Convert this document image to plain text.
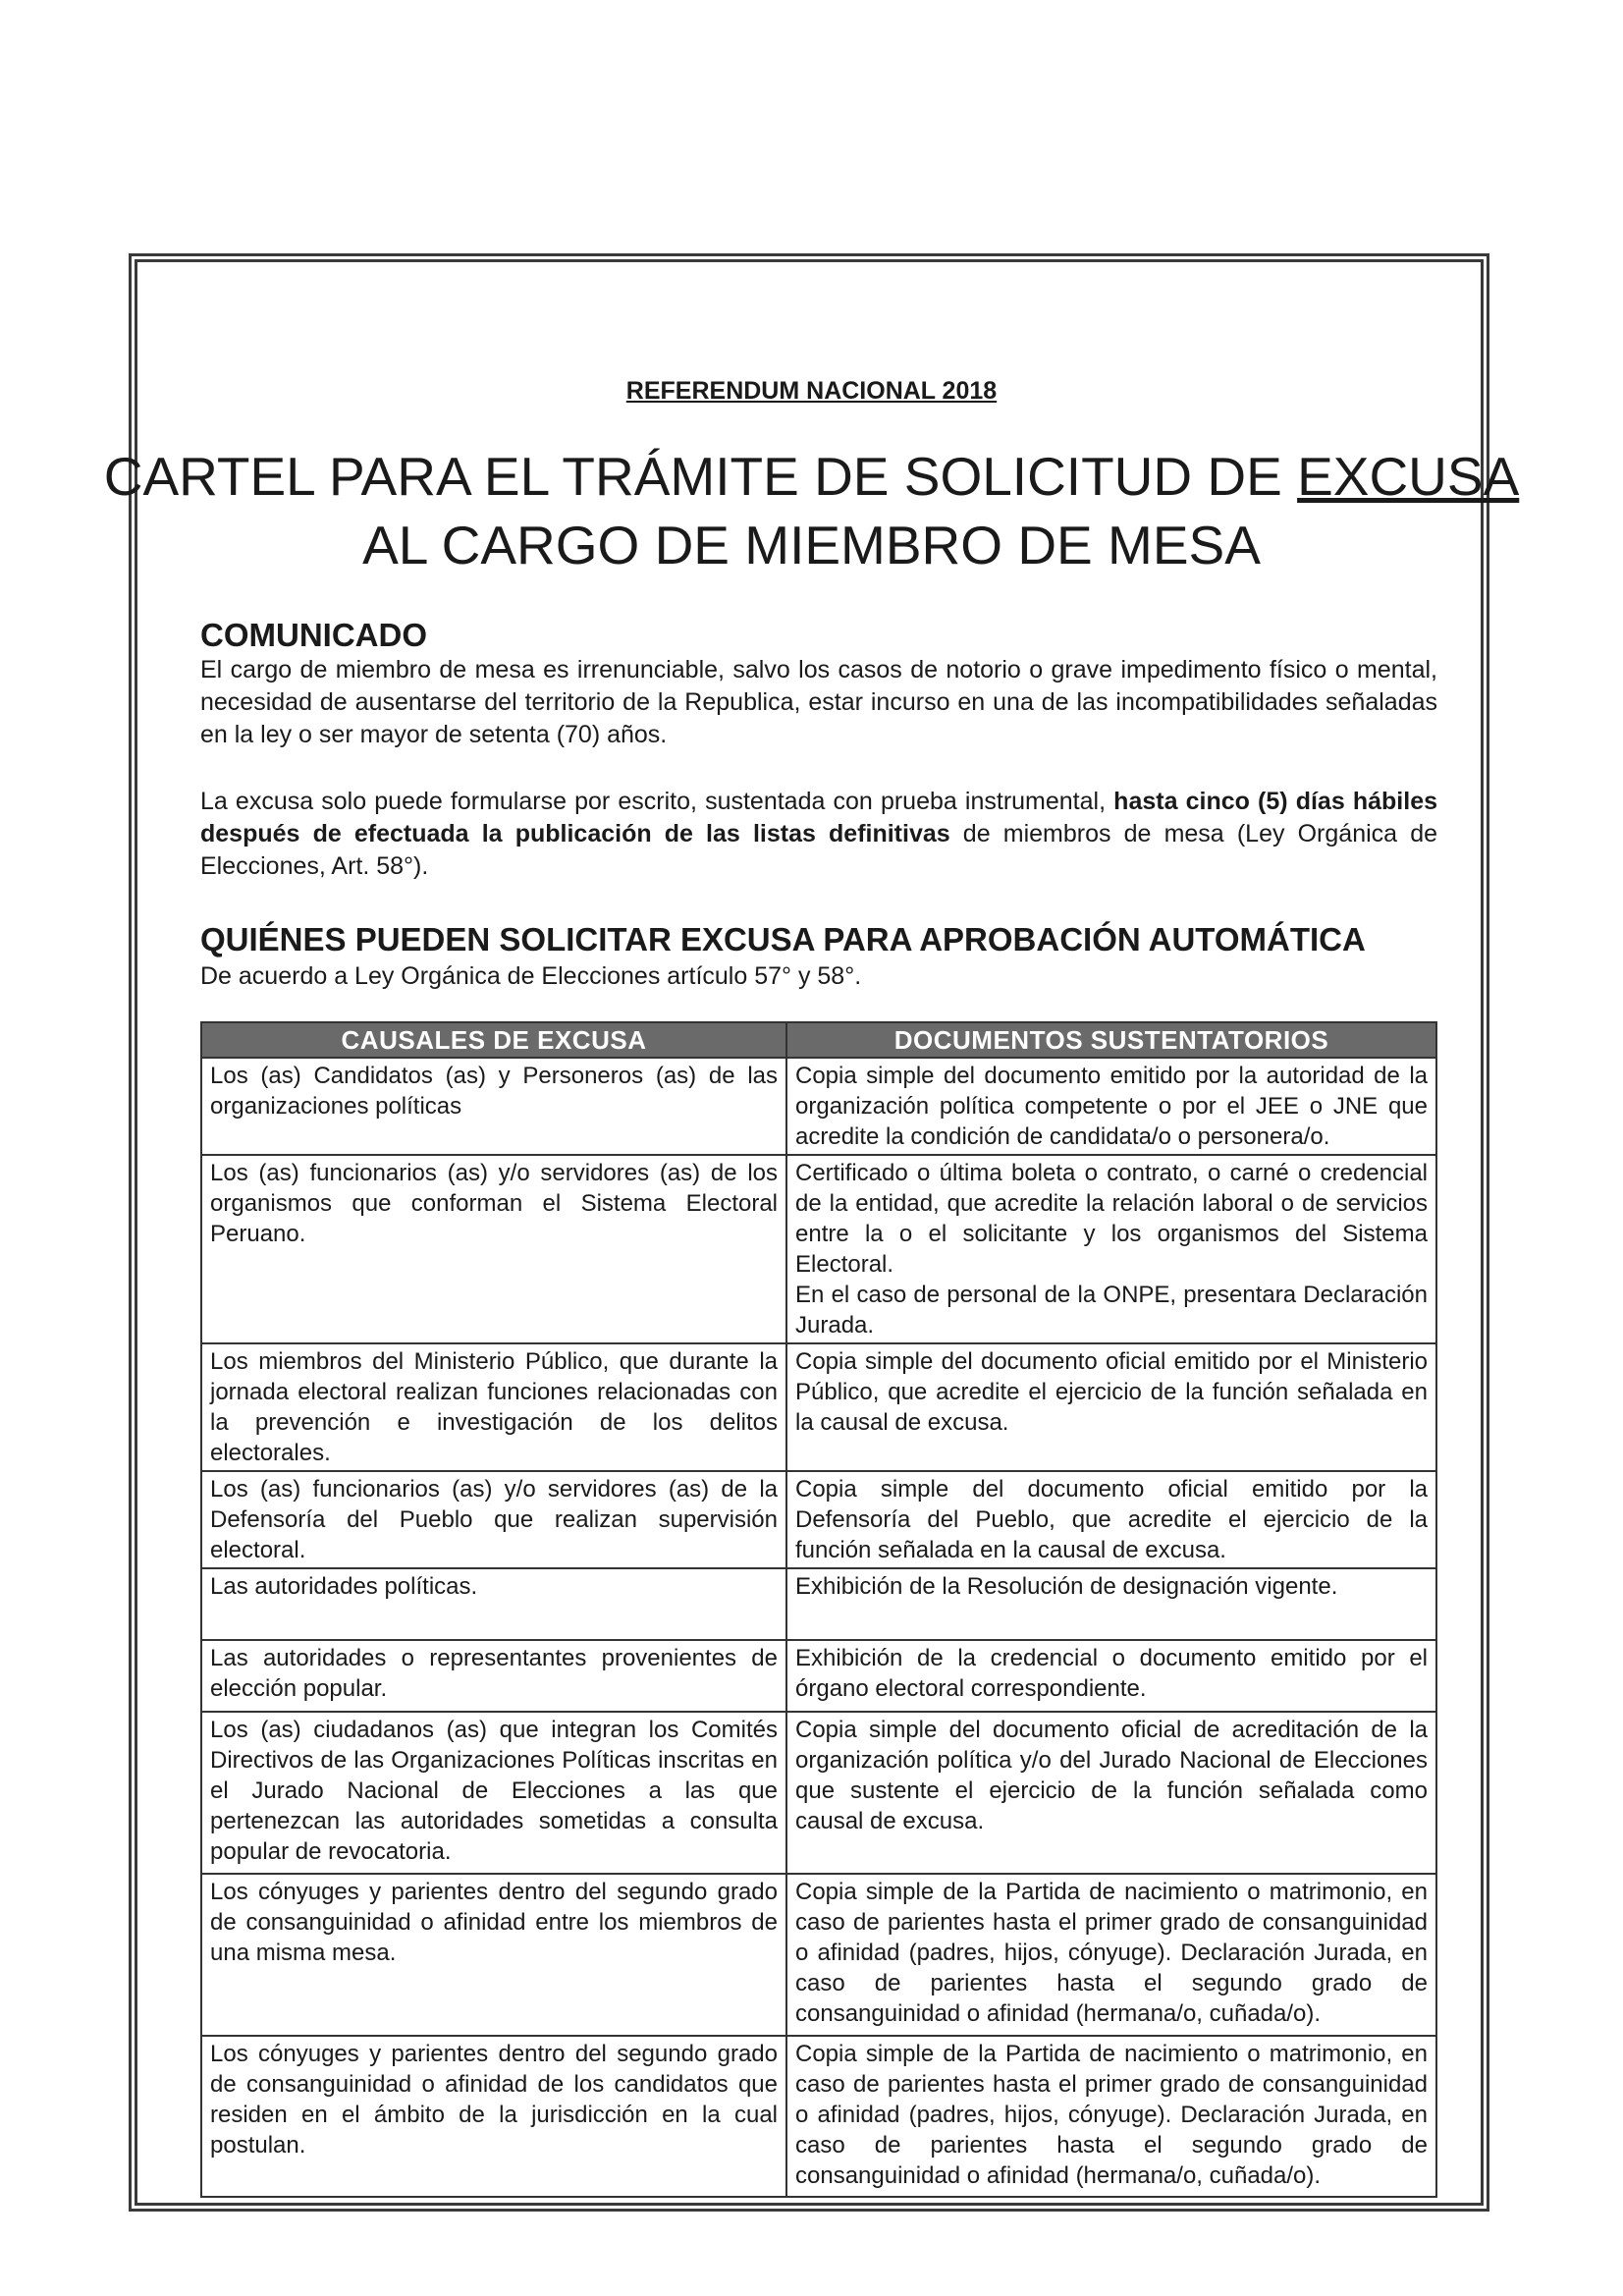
REFERENDUM NACIONAL 2018
CARTEL PARA EL TRÁMITE DE SOLICITUD DE EXCUSA
AL CARGO DE MIEMBRO DE MESA

COMUNICADO

El cargo de miembro de mesa es irrenunciable, salvo los casos de notorio o grave impedimento físico o mental, necesidad de ausentarse del territorio de la Republica, estar incurso en una de las incompatibilidades señaladas en la ley o ser mayor de setenta (70) años.

La excusa solo puede formularse por escrito, sustentada con prueba instrumental, hasta cinco (5) días hábiles después de efectuada la publicación de las listas definitivas de miembros de mesa (Ley Orgánica de Elecciones, Art. 58°).

QUIÉNES PUEDEN SOLICITAR EXCUSA PARA APROBACIÓN AUTOMÁTICA

De acuerdo a Ley Orgánica de Elecciones artículo 57° y 58°.

CAUSALES DE EXCUSA	DOCUMENTOS SUSTENTATORIOS
Los (as) Candidatos (as) y Personeros (as) de las organizaciones políticas	Copia simple del documento emitido por la autoridad de la organización política competente o por el JEE o JNE que acredite la condición de candidata/o o personera/o.
Los (as) funcionarios (as) y/o servidores (as) de los organismos que conforman el Sistema Electoral Peruano.	Certificado o última boleta o contrato, o carné o credencial de la entidad, que acredite la relación laboral o de servicios entre la o el solicitante y los organismos del Sistema Electoral.
En el caso de personal de la ONPE, presentara Declaración Jurada.

Los miembros del Ministerio Público, que durante la jornada electoral realizan funciones relacionadas con la prevención e investigación de los delitos electorales.	Copia simple del documento oficial emitido por el Ministerio Público, que acredite el ejercicio de la función señalada en la causal de excusa.
Los (as) funcionarios (as) y/o servidores (as) de la Defensoría del Pueblo que realizan supervisión electoral.	Copia simple del documento oficial emitido por la Defensoría del Pueblo, que acredite el ejercicio de la función señalada en la causal de excusa.
Las autoridades políticas.	Exhibición de la Resolución de designación vigente.
Las autoridades o representantes provenientes de elección popular.	Exhibición de la credencial o documento emitido por el órgano electoral correspondiente.
Los (as) ciudadanos (as) que integran los Comités Directivos de las Organizaciones Políticas inscritas en el Jurado Nacional de Elecciones a las que pertenezcan las autoridades sometidas a consulta popular de revocatoria.	Copia simple del documento oficial de acreditación de la organización política y/o del Jurado Nacional de Elecciones que sustente el ejercicio de la función señalada como causal de excusa.
Los cónyuges y parientes dentro del segundo grado de consanguinidad o afinidad entre los miembros de una misma mesa.	Copia simple de la Partida de nacimiento o matrimonio, en caso de parientes hasta el primer grado de consanguinidad o afinidad (padres, hijos, cónyuge). Declaración Jurada, en caso de parientes hasta el segundo grado de consanguinidad o afinidad (hermana/o, cuñada/o).
Los cónyuges y parientes dentro del segundo grado de consanguinidad o afinidad de los candidatos que residen en el ámbito de la jurisdicción en la cual postulan.	Copia simple de la Partida de nacimiento o matrimonio, en caso de parientes hasta el primer grado de consanguinidad o afinidad (padres, hijos, cónyuge). Declaración Jurada, en caso de parientes hasta el segundo grado de consanguinidad o afinidad (hermana/o, cuñada/o).
